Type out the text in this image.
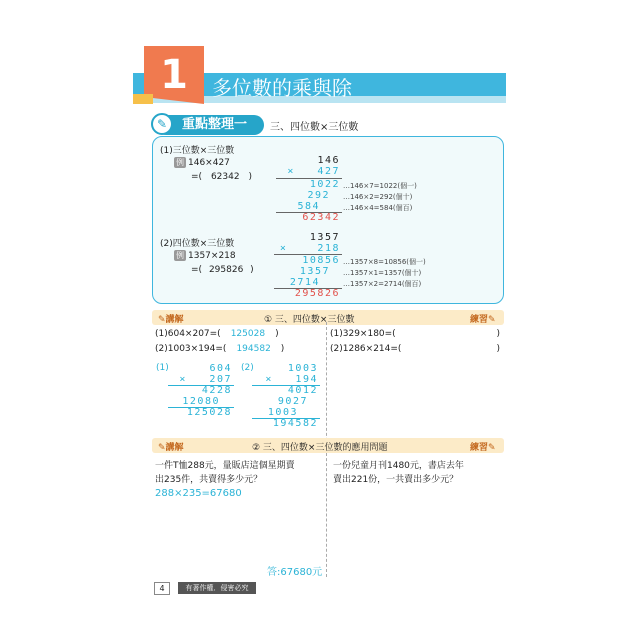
1	多位數的乘與除
重點整理一
✎	三、四位數×三位數
(1)三位數×三位數
例 146×427
=( 62342 )
146
×   427
1022
292
584
62342
…146×7=1022(個一)
…146×2=292(個十)
…146×4=584(個百)
(2)四位數×三位數
例 1357×218
=( 295826 )
1357
×    218
10856
1357
2714
295826
…1357×8=10856(個一)
…1357×1=1357(個十)
…1357×2=2714(個百)
✎講解	① 三、四位數×三位數	練習✎
(1)604×207=( 125028 )
(2)1003×194=( 194582 )
(1)329×180=(	)
(2)1286×214=(	)
(1)	604
×   207
4228
12080
125028
(2)	1003
×   194
4012
9027
1003
194582
✎講解	② 三、四位數×三位數的應用問題	練習✎
一件T恤288元，量販店這個星期賣
出235件，共賣得多少元？
288×235=67680
答:67680元
一份兒童月刊1480元，書店去年
賣出221份，一共賣出多少元？
4	有著作權．侵害必究
